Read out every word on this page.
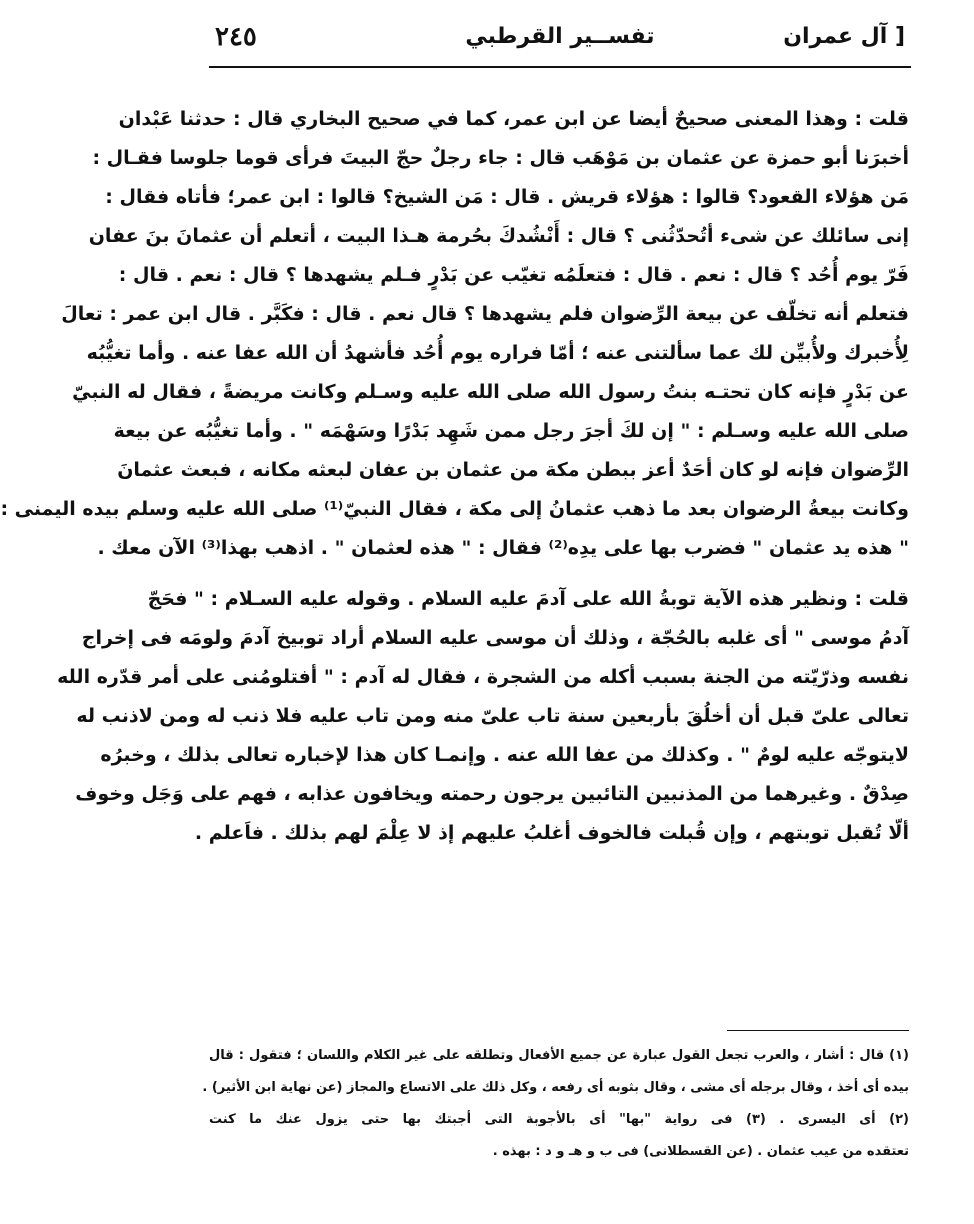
٢٤٥	تفســير القرطبي	آل عمران ]
قلت : وهذا المعنى صحيحٌ أيضا عن ابن عمر، كما في صحيح البخاري قال : حدثنا عَبْدان
أخبرَنا أبو حمزة عن عثمان بن مَوْهَب قال : جاء رجلٌ حجّ البيتَ فرأى قوما جلوسا فقـال :
مَن هؤلاء القعود؟ قالوا : هؤلاء قريش . قال : مَن الشيخ؟ قالوا : ابن عمر؛ فأتاه فقال :
إنى سائلك عن شىء أتُحدّثُنى ؟ قال : أَنْشُدكَ بحُرمة هـذا البيت ، أتعلم أن عثمانَ بنَ عفان
فَرّ يوم أُحُد ؟ قال : نعم . قال : فتعلَمُه تغيّب عن بَدْرٍ فـلم يشهدها ؟ قال : نعم . قال :
فتعلم أنه تخلّف عن بيعة الرِّضوان فلم يشهدها ؟ قال نعم . قال : فكَبَّر . قال ابن عمر : تعالَ
لِأُخبرك ولأُبيِّن لك عما سألتنى عنه ؛ أمّا فراره يوم أُحُد فأشهدُ أن الله عفا عنه . وأما تغيُّبُه
عن بَدْرٍ فإنه كان تحتـه بنتُ رسول الله صلى الله عليه وسـلم وكانت مريضةً ، فقال له النبيّ
صلى الله عليه وسـلم : " إن لكَ أجرَ رجل ممن شَهِد بَدْرًا وسَهْمَه " . وأما تغيُّبُه عن بيعة
الرِّضوان فإنه لو كان أحَدٌ أعز ببطن مكة من عثمان بن عفان لبعثه مكانه ، فبعث عثمانَ
وكانت بيعةُ الرضوان بعد ما ذهب عثمانُ إلى مكة ، فقال النبيّ⁽¹⁾ صلى الله عليه وسلم بيده اليمنى :
" هذه يد عثمان " فضرب بها على يدِه⁽²⁾ فقال : " هذه لعثمان " . اذهب بهذا⁽³⁾ الآن معك .
قلت : ونظير هذه الآية توبةُ الله على آدمَ عليه السلام . وقوله عليه السـلام : " فحَجّ
آدمُ موسى " أى غلبه بالحُجّة ، وذلك أن موسى عليه السلام أراد توبيخ آدمَ ولومَه فى إخراج
نفسه وذرّيّته من الجنة بسبب أكله من الشجرة ، فقال له آدم : " أفتلومُنى على أمر قدّره الله
تعالى علىّ قبل أن أخلُقَ بأربعين سنة تاب علىّ منه ومن تاب عليه فلا ذنب له ومن لاذنب له
لايتوجّه عليه لومٌ " . وكذلك من عفا الله عنه . وإنمـا كان هذا لإخباره تعالى بذلك ، وخبرُه
صِدْقٌ . وغيرهما من المذنبين التائبين يرجون رحمته ويخافون عذابه ، فهم على وَجَل وخوف
ألّا تُقبل توبتهم ، وإن قُبلت فالخوف أغلبُ عليهم إذ لا عِلْمَ لهم بذلك . فاَعلم .
(١) قال : أشار ، والعرب تجعل القول عبارة عن جميع الأفعال وتطلقه على غير الكلام واللسان ؛ فتقول : قال
بيده أى أخذ ، وقال برجله أى مشى ، وقال بثوبه أى رفعه ، وكل ذلك على الاتساع والمجاز (عن نهاية ابن الأثير) .
(٢) أى اليسرى . (٣) فى رواية "بها" أى بالأجوبة التى أجبتك بها حتى يزول عنك ما كنت
تعتقده من عيب عثمان . (عن القسطلانى) فى ب و هـ و د : بهذه .
